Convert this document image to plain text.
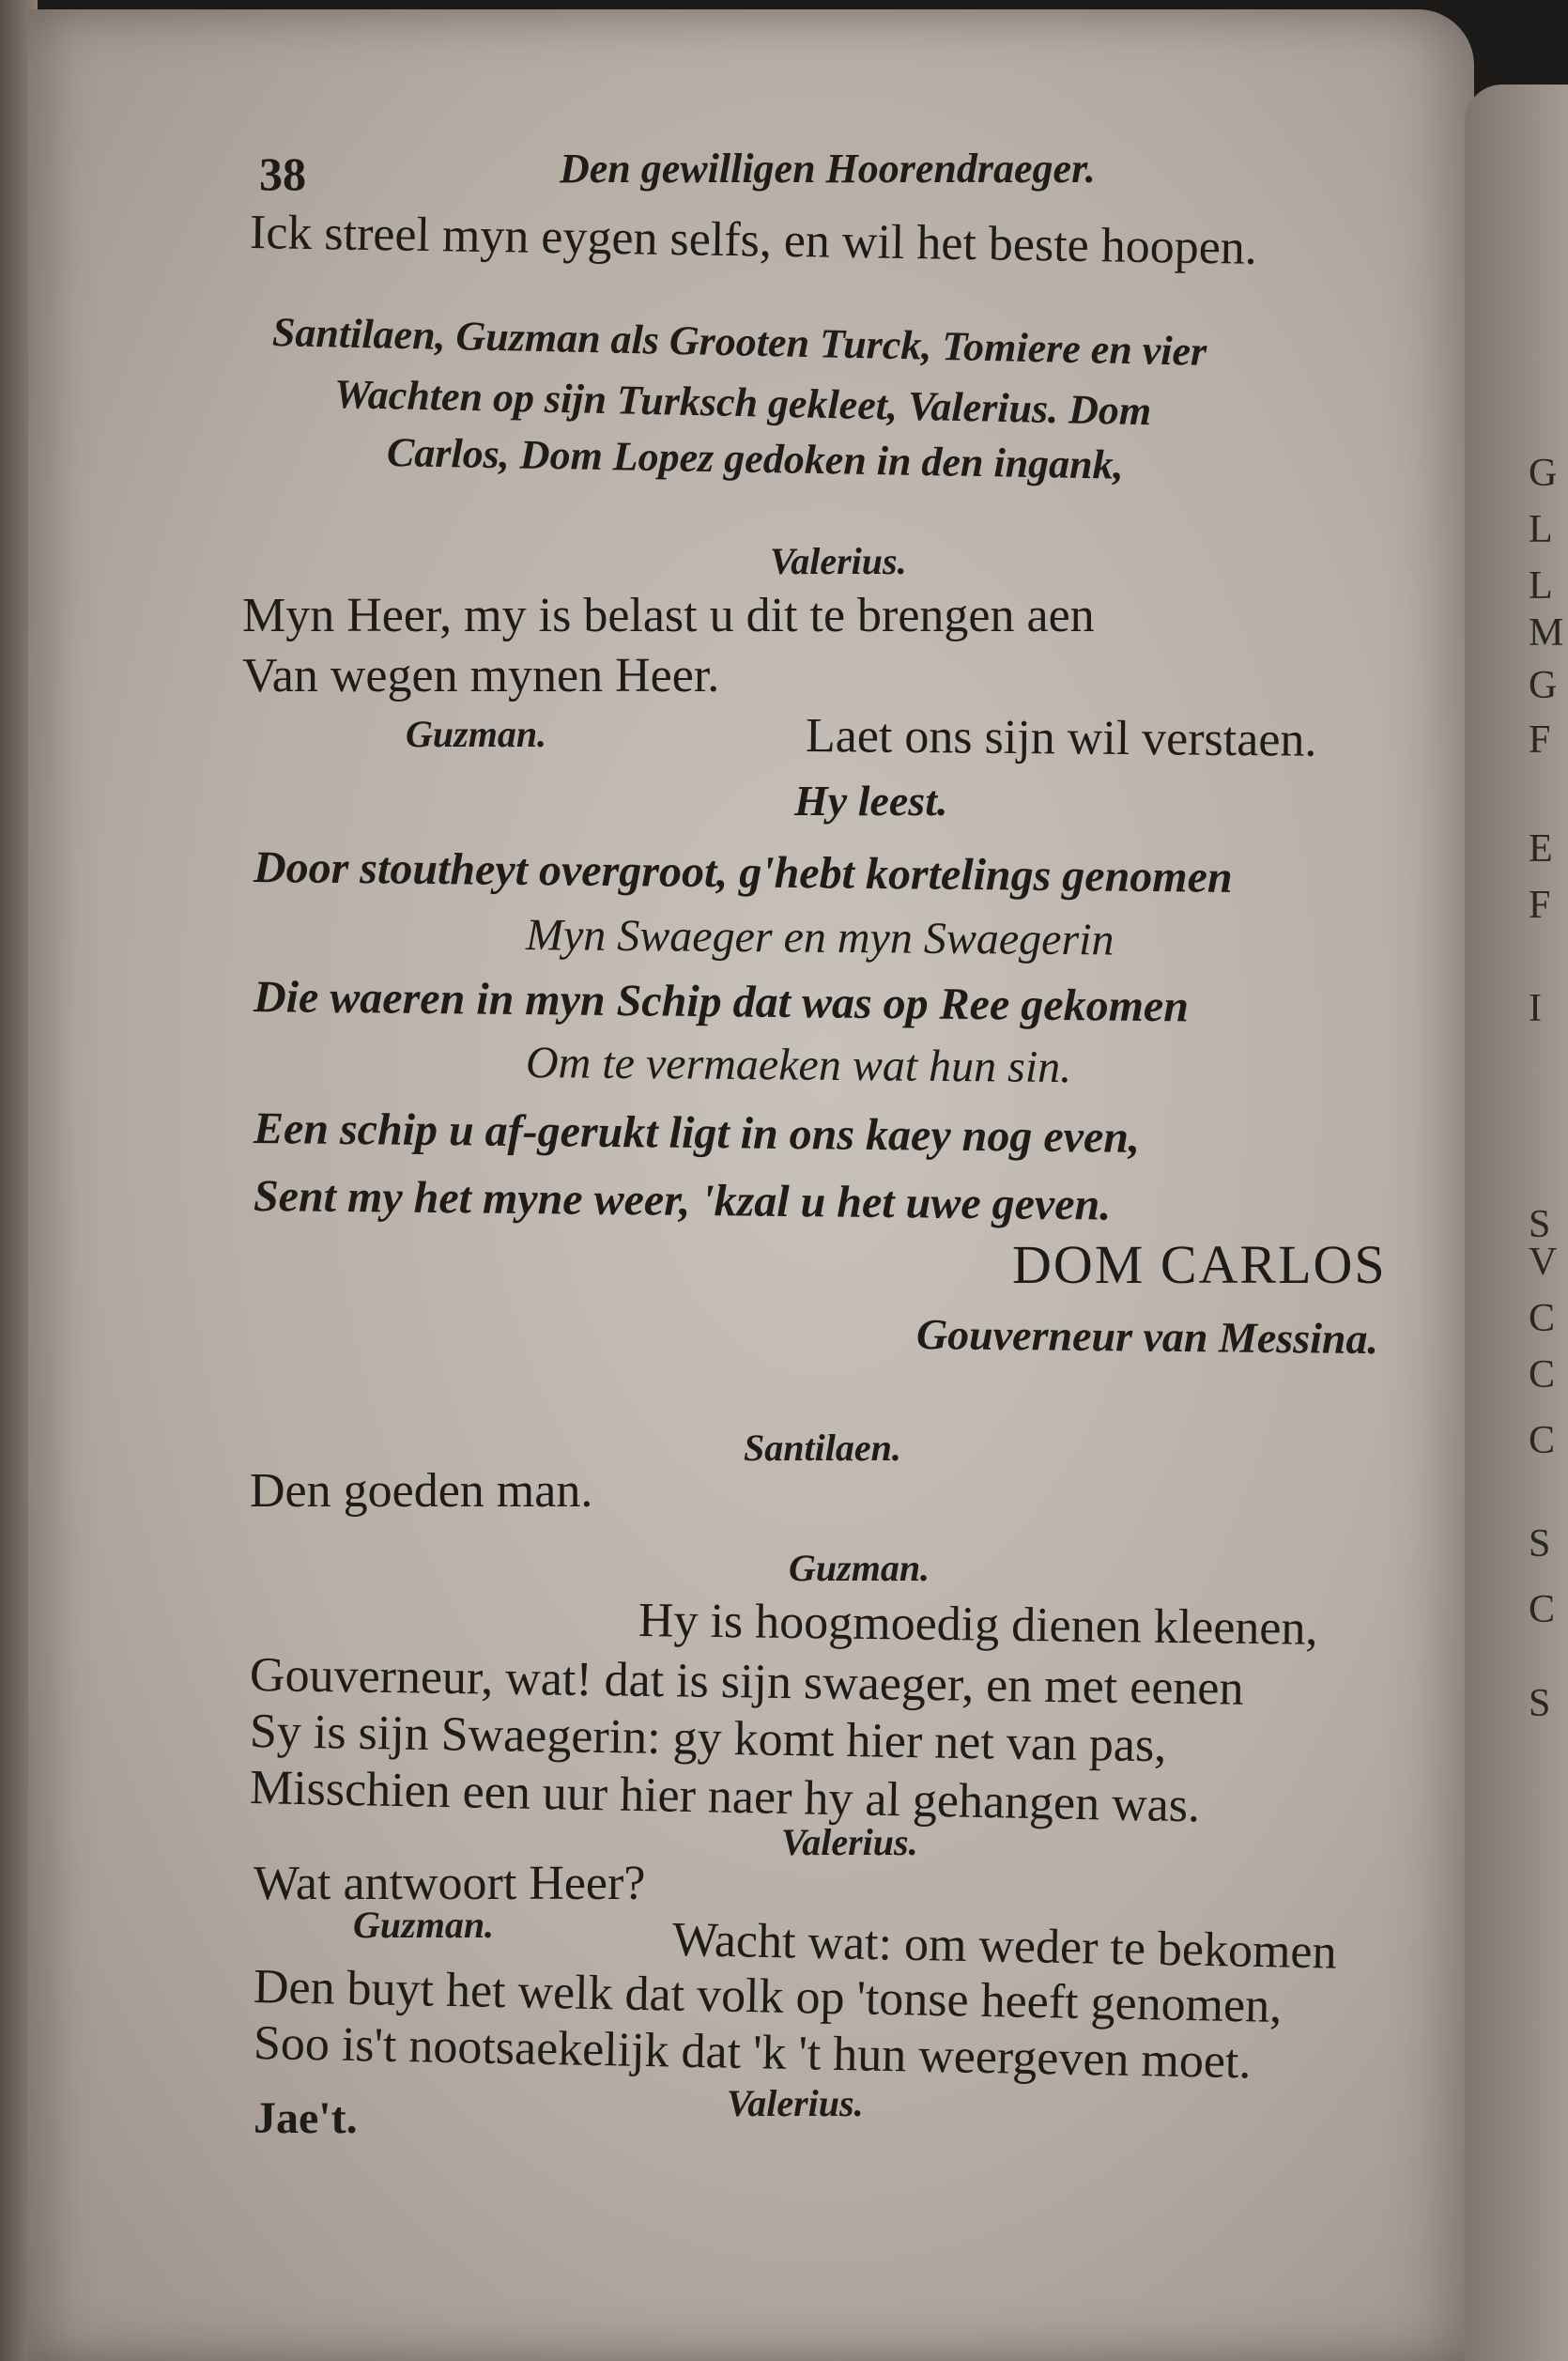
38	Den gewilligen Hoorendraeger.
Ick streel myn eygen selfs, en wil het beste hoopen.
Santilaen, Guzman als Grooten Turck, Tomiere en vier
Wachten op sijn Turksch gekleet, Valerius. Dom
Carlos, Dom Lopez gedoken in den ingank,
Valerius.
Myn Heer, my is belast u dit te brengen aen
Van wegen mynen Heer.
Guzman.	Laet ons sijn wil verstaen.
Hy leest.
Door stoutheyt overgroot, g'hebt kortelings genomen
Myn Swaeger en myn Swaegerin
Die waeren in myn Schip dat was op Ree gekomen
Om te vermaeken wat hun sin.
Een schip u af-gerukt ligt in ons kaey nog even,
Sent my het myne weer, 'kzal u het uwe geven.
DOM CARLOS
Gouverneur van Messina.
Santilaen.
Den goeden man.
Guzman.
Hy is hoogmoedig dienen kleenen,
Gouverneur, wat! dat is sijn swaeger, en met eenen
Sy is sijn Swaegerin: gy komt hier net van pas,
Misschien een uur hier naer hy al gehangen was.
Valerius.
Wat antwoort Heer?
Guzman.	Wacht wat: om weder te bekomen
Den buyt het welk dat volk op 'tonse heeft genomen,
Soo is't nootsaekelijk dat 'k 't hun weergeven moet.
Jae't.	Valerius.
G
L
L
M
G
F
E
F
I
S
V
C
C
C
S
C
S
